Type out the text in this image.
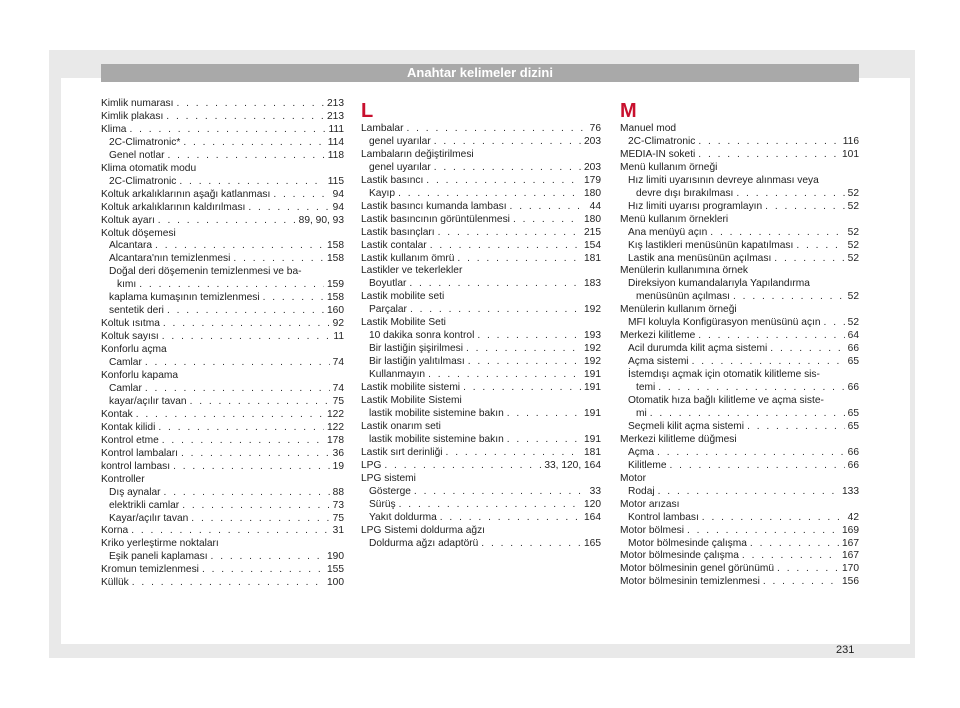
Anahtar kelimeler dizini
Kimlik numarası . . .	213
Kimlik plakası . . .	213
Klima . . .	111
2C-Climatronic* . . .	114
Genel notlar . . .	118
Klima otomatik modu
2C-Climatronic . . .	115
Koltuk arkalıklarının aşağı katlanması . . .	94
Koltuk arkalıklarının kaldırılması . . .	94
Koltuk ayarı . . .	89, 90, 93
Koltuk döşemesi
Alcantara . . .	158
Alcantara'nın temizlenmesi . . .	158
Doğal deri döşemenin temizlenmesi ve ba-
kımı . . .	159
kaplama kumaşının temizlenmesi . . .	158
sentetik deri . . .	160
Koltuk ısıtma . . .	92
Koltuk sayısı . . .	11
Konforlu açma
Camlar . . .	74
Konforlu kapama
Camlar . . .	74
kayar/açılır tavan . . .	75
Kontak . . .	122
Kontak kilidi . . .	122
Kontrol etme . . .	178
Kontrol lambaları . . .	36
kontrol lambası . . .	19
Kontroller
Dış aynalar . . .	88
elektrikli camlar . . .	73
Kayar/açılır tavan . . .	75
Korna . . .	31
Kriko yerleştirme noktaları
Eşik paneli kaplaması . . .	190
Kromun temizlenmesi . . .	155
Küllük . . .	100
L
Lambalar . . .	76
genel uyarılar . . .	203
Lambaların değiştirilmesi
genel uyarılar . . .	203
Lastik basıncı . . .	179
Kayıp . . .	180
Lastik basıncı kumanda lambası . . .	44
Lastik basıncının görüntülenmesi . . .	180
Lastik basınçları . . .	215
Lastik contalar . . .	154
Lastik kullanım ömrü . . .	181
Lastikler ve tekerlekler
Boyutlar . . .	183
Lastik mobilite seti
Parçalar . . .	192
Lastik Mobilite Seti
10 dakika sonra kontrol . . .	193
Bir lastiğin şişirilmesi . . .	192
Bir lastiğin yalıtılması . . .	192
Kullanmayın . . .	191
Lastik mobilite sistemi . . .	191
Lastik Mobilite Sistemi
lastik mobilite sistemine bakın . . .	191
Lastik onarım seti
lastik mobilite sistemine bakın . . .	191
Lastik sırt derinliği . . .	181
LPG . . .	33, 120, 164
LPG sistemi
Gösterge . . .	33
Sürüş . . .	120
Yakıt doldurma . . .	164
LPG Sistemi doldurma ağzı
Doldurma ağzı adaptörü . . .	165
M
Manuel mod
2C-Climatronic . . .	116
MEDIA-IN soketi . . .	101
Menü kullanım örneği
Hız limiti uyarısının devreye alınması veya
devre dışı bırakılması . . .	52
Hız limiti uyarısı programlayın . . .	52
Menü kullanım örnekleri
Ana menüyü açın . . .	52
Kış lastikleri menüsünün kapatılması . . .	52
Lastik ana menüsünün açılması . . .	52
Menülerin kullanımına örnek
Direksiyon kumandalarıyla Yapılandırma
menüsünün açılması . . .	52
Menülerin kullanım örneği
MFI koluyla Konfigürasyon menüsünü açın . . .	52
Merkezi kilitleme . . .	64
Acil durumda kilit açma sistemi . . .	66
Açma sistemi . . .	65
İstemdışı açmak için otomatik kilitleme sis-
temi . . .	66
Otomatik hıza bağlı kilitleme ve açma siste-
mi . . .	65
Seçmeli kilit açma sistemi . . .	65
Merkezi kilitleme düğmesi
Açma . . .	66
Kilitleme . . .	66
Motor
Rodaj . . .	133
Motor arızası
Kontrol lambası . . .	42
Motor bölmesi . . .	169
Motor bölmesinde çalışma . . .	167
Motor bölmesinde çalışma . . .	167
Motor bölmesinin genel görünümü . . .	170
Motor bölmesinin temizlenmesi . . .	156
231
